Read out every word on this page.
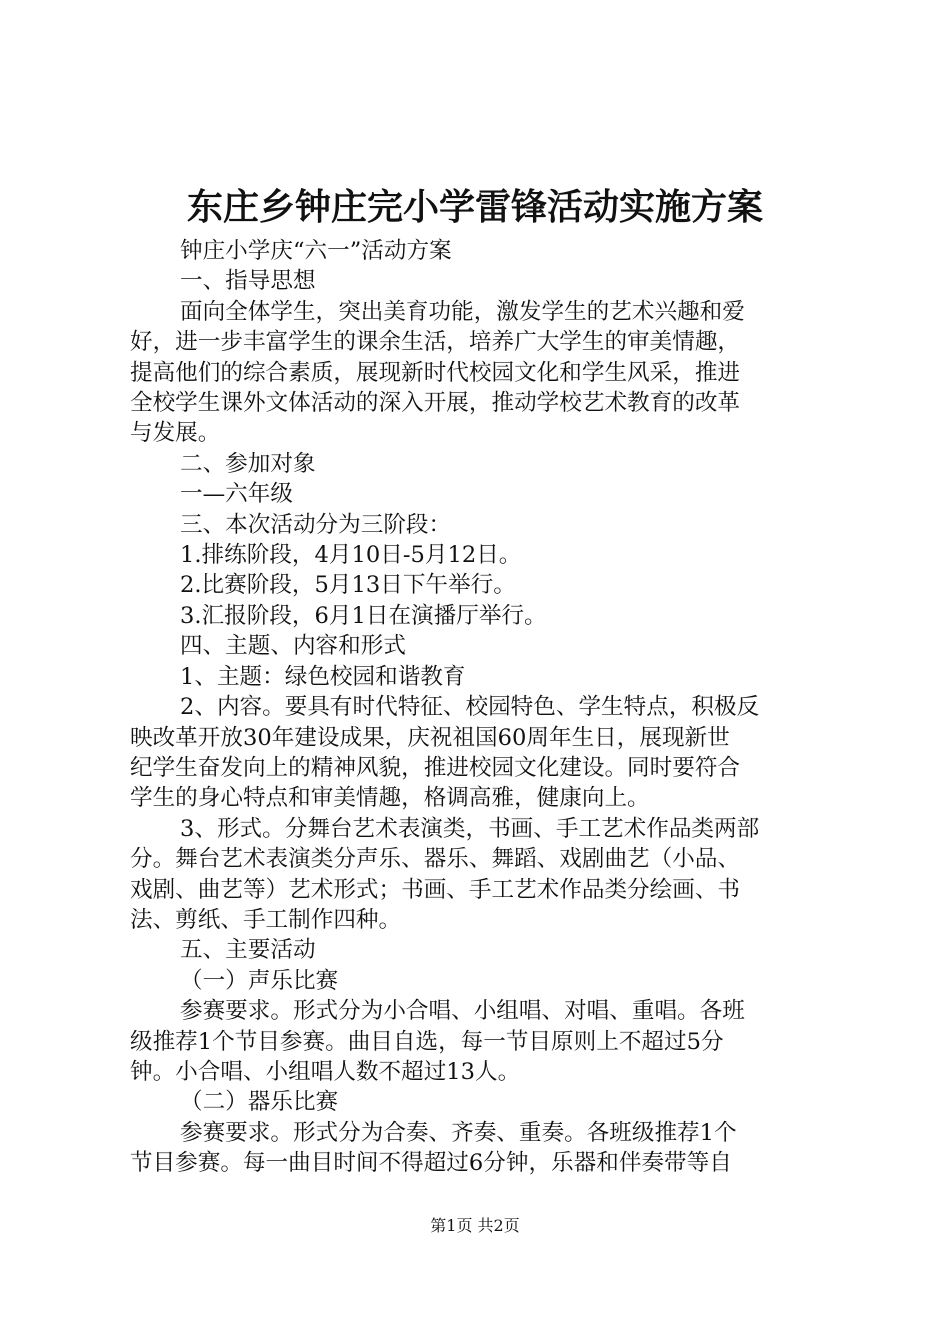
东庄乡钟庄完小学雷锋活动实施方案

钟庄小学庆“六一”活动方案

一、指导思想

面向全体学生，突出美育功能，激发学生的艺术兴趣和爱

好，进一步丰富学生的课余生活，培养广大学生的审美情趣，

提高他们的综合素质，展现新时代校园文化和学生风采，推进

全校学生课外文体活动的深入开展，推动学校艺术教育的改革

与发展。

二、参加对象

一—六年级

三、本次活动分为三阶段：

1.排练阶段，4月10日-5月12日。

2.比赛阶段，5月13日下午举行。

3.汇报阶段，6月1日在演播厅举行。

四、主题、内容和形式

1、主题：绿色校园和谐教育

2、内容。要具有时代特征、校园特色、学生特点，积极反

映改革开放30年建设成果，庆祝祖国60周年生日，展现新世

纪学生奋发向上的精神风貌，推进校园文化建设。同时要符合

学生的身心特点和审美情趣，格调高雅，健康向上。

3、形式。分舞台艺术表演类，书画、手工艺术作品类两部

分。舞台艺术表演类分声乐、器乐、舞蹈、戏剧曲艺（小品、

戏剧、曲艺等）艺术形式；书画、手工艺术作品类分绘画、书

法、剪纸、手工制作四种。

五、主要活动

（一）声乐比赛

参赛要求。形式分为小合唱、小组唱、对唱、重唱。各班

级推荐1个节目参赛。曲目自选，每一节目原则上不超过5分

钟。小合唱、小组唱人数不超过13人。

（二）器乐比赛

参赛要求。形式分为合奏、齐奏、重奏。各班级推荐1个

节目参赛。每一曲目时间不得超过6分钟，乐器和伴奏带等自

第1页 共2页
